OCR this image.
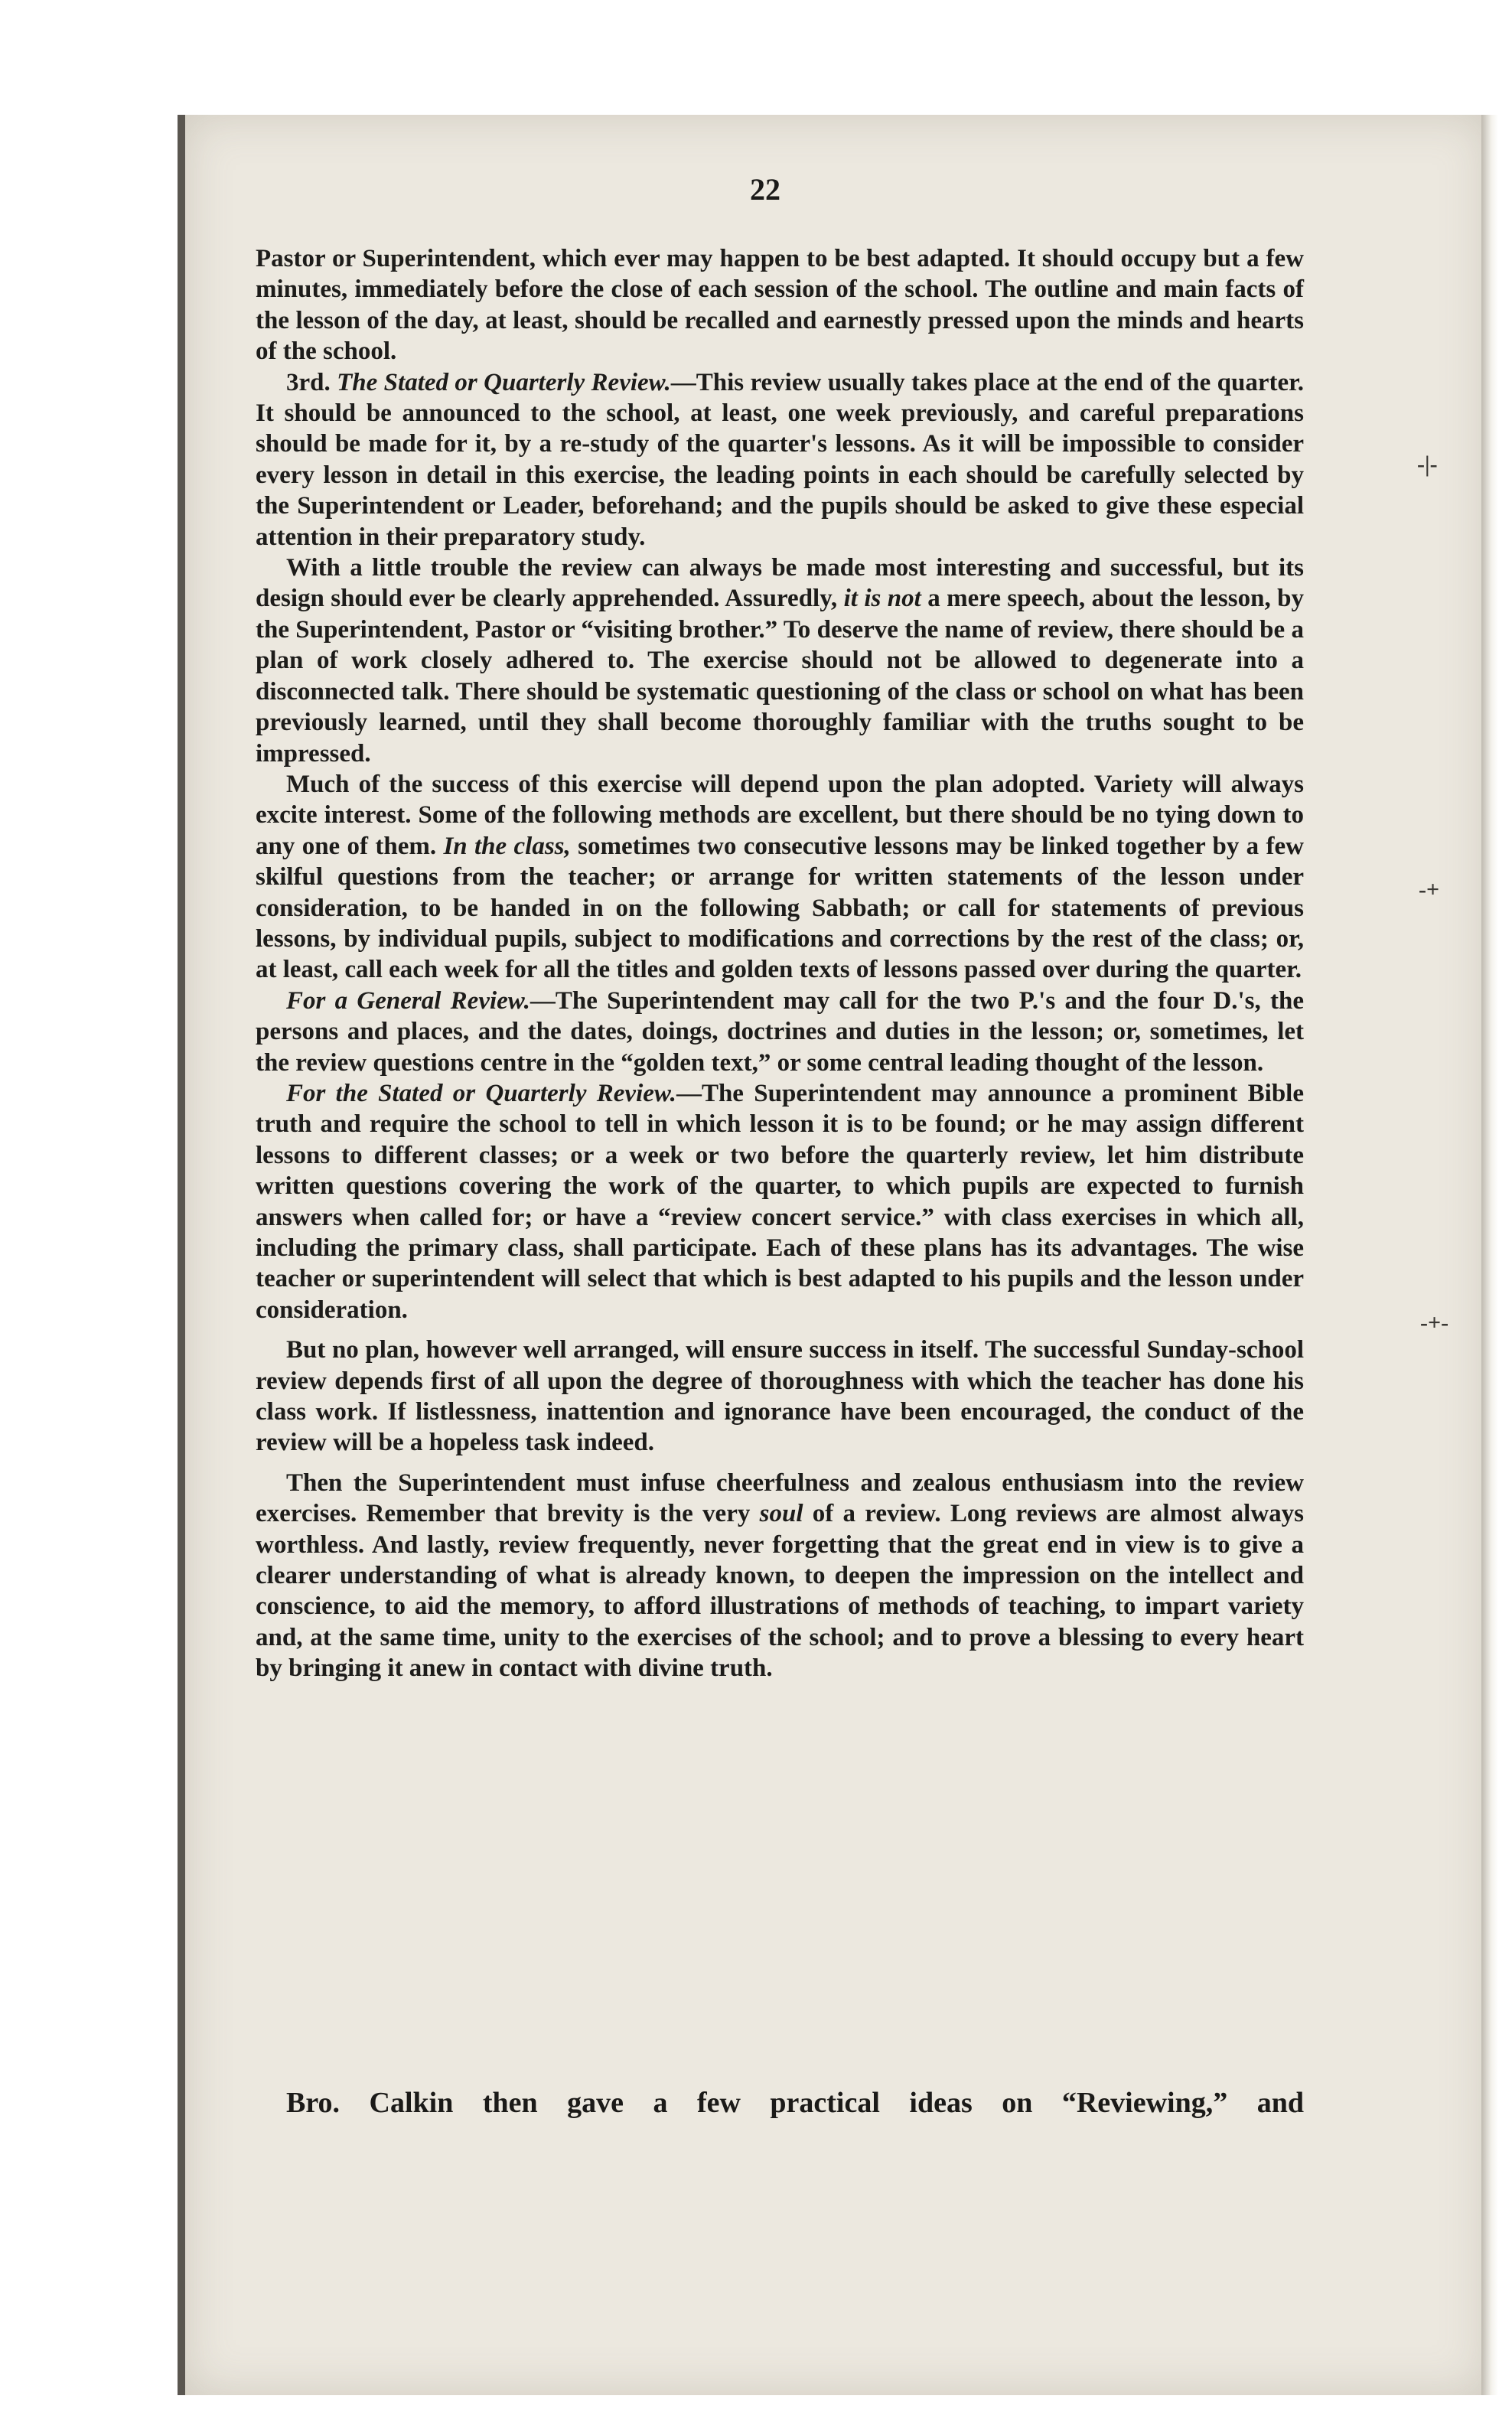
22
-|-
-+
-+-

Pastor or Superintendent, which ever may happen to be best adapted. It should occupy but a few minutes, immediately before the close of each session of the school. The outline and main facts of the lesson of the day, at least, should be recalled and earnestly pressed upon the minds and hearts of the school.

3rd. The Stated or Quarterly Review.—This review usually takes place at the end of the quarter. It should be announced to the school, at least, one week previously, and careful preparations should be made for it, by a re-study of the quarter's lessons. As it will be impossible to consider every lesson in detail in this exercise, the leading points in each should be carefully selected by the Superintendent or Leader, beforehand; and the pupils should be asked to give these especial attention in their preparatory study.

With a little trouble the review can always be made most interesting and successful, but its design should ever be clearly apprehended. Assuredly, it is not a mere speech, about the lesson, by the Superintendent, Pastor or “visiting brother.” To deserve the name of review, there should be a plan of work closely adhered to. The exercise should not be allowed to degenerate into a disconnected talk. There should be systematic questioning of the class or school on what has been previously learned, until they shall become thoroughly familiar with the truths sought to be impressed.

Much of the success of this exercise will depend upon the plan adopted. Variety will always excite interest. Some of the following methods are excellent, but there should be no tying down to any one of them. In the class, sometimes two consecutive lessons may be linked together by a few skilful questions from the teacher; or arrange for written statements of the lesson under consideration, to be handed in on the following Sabbath; or call for statements of previous lessons, by individual pupils, subject to modifications and corrections by the rest of the class; or, at least, call each week for all the titles and golden texts of lessons passed over during the quarter.

For a General Review.—The Superintendent may call for the two P.'s and the four D.'s, the persons and places, and the dates, doings, doctrines and duties in the lesson; or, sometimes, let the review questions centre in the “golden text,” or some central leading thought of the lesson.

For the Stated or Quarterly Review.—The Superintendent may announce a prominent Bible truth and require the school to tell in which lesson it is to be found; or he may assign different lessons to different classes; or a week or two before the quarterly review, let him distribute written questions covering the work of the quarter, to which pupils are expected to furnish answers when called for; or have a “review concert service.” with class exercises in which all, including the primary class, shall participate. Each of these plans has its advantages. The wise teacher or superintendent will select that which is best adapted to his pupils and the lesson under consideration.

But no plan, however well arranged, will ensure success in itself. The successful Sunday-school review depends first of all upon the degree of thoroughness with which the teacher has done his class work. If listlessness, inattention and ignorance have been encouraged, the conduct of the review will be a hopeless task indeed.

Then the Superintendent must infuse cheerfulness and zealous enthusiasm into the review exercises. Remember that brevity is the very soul of a review. Long reviews are almost always worthless. And lastly, review frequently, never forgetting that the great end in view is to give a clearer understanding of what is already known, to deepen the impression on the intellect and conscience, to aid the memory, to afford illustrations of methods of teaching, to impart variety and, at the same time, unity to the exercises of the school; and to prove a blessing to every heart by bringing it anew in contact with divine truth.

Bro. Calkin then gave a few practical ideas on “Reviewing,” and
